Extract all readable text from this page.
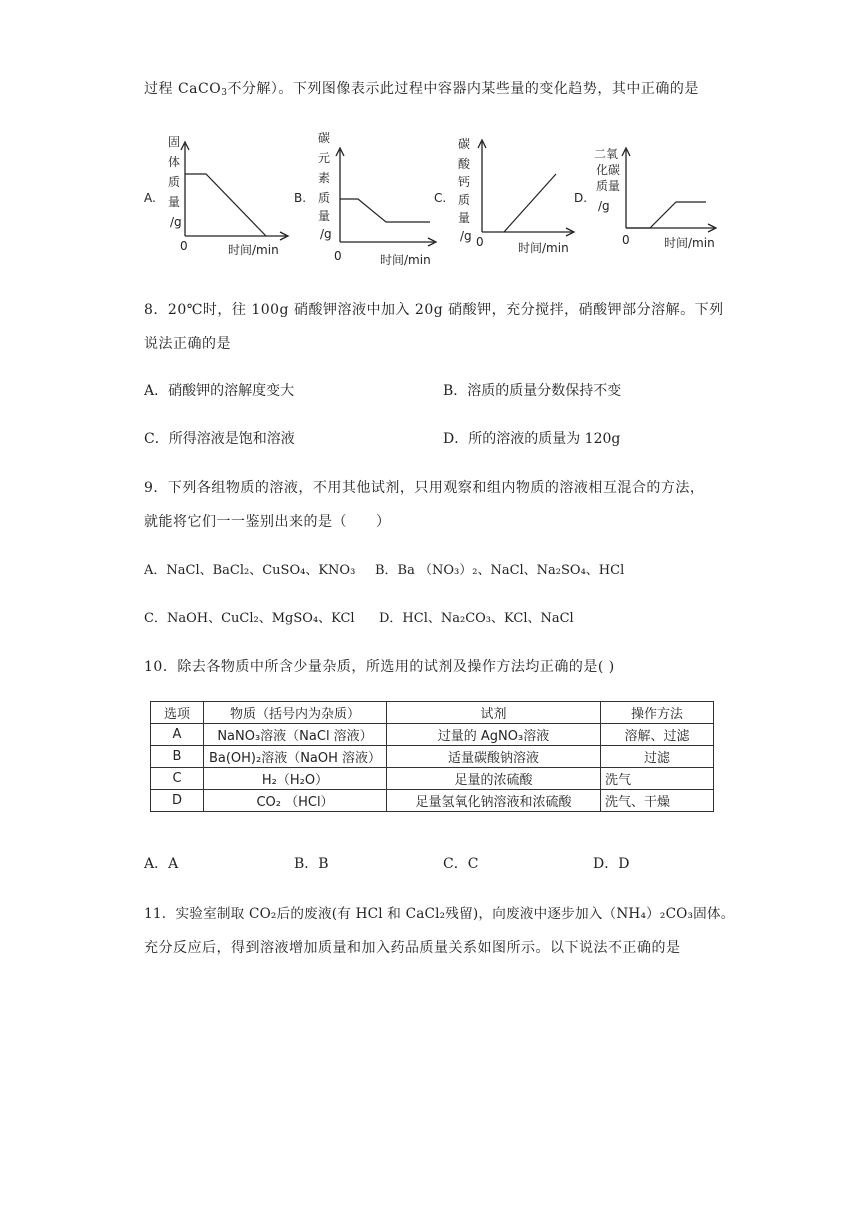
过程 CaCO$_3$不分解）。下列图像表示此过程中容器内某些量的变化趋势，其中正确的是
A.
固
体
质
量
/g
0	时间/min
B.
碳
元
素
质
量
/g
0	时间/min
C.
碳
酸
钙
质
量
/g 0	时间/min
D.
二氧
化碳
质量
/g
0	时间/min
8．20℃时，往 100g 硝酸钾溶液中加入 20g 硝酸钾，充分搅拌，硝酸钾部分溶解。下列
说法正确的是
A．硝酸钾的溶解度变大	B．溶质的质量分数保持不变
C．所得溶液是饱和溶液	D．所的溶液的质量为 120g
9．下列各组物质的溶液，不用其他试剂，只用观察和组内物质的溶液相互混合的方法，
就能将它们一一鉴别出来的是（　　）
A．NaCl、BaCl₂、CuSO₄、KNO₃ B．Ba （NO₃）₂、NaCl、Na₂SO₄、HCl
C．NaOH、CuCl₂、MgSO₄、KCl D．HCl、Na₂CO₃、KCl、NaCl
10．除去各物质中所含少量杂质，所选用的试剂及操作方法均正确的是( )
选项	物质（括号内为杂质）	试剂	操作方法
A	NaNO₃溶液（NaCl 溶液）	过量的 AgNO₃溶液	溶解、过滤
B	Ba(OH)₂溶液（NaOH 溶液）	适量碳酸钠溶液	过滤
C	H₂（H₂O）	足量的浓硫酸	洗气
D	CO₂ （HCl）	足量氢氧化钠溶液和浓硫酸	洗气、干燥
A．A	B．B	C．C	D．D
11．实验室制取 CO₂后的废液(有 HCl 和 CaCl₂残留)，向废液中逐步加入（NH₄）₂CO₃固体。
充分反应后，得到溶液增加质量和加入药品质量关系如图所示。以下说法不正确的是
